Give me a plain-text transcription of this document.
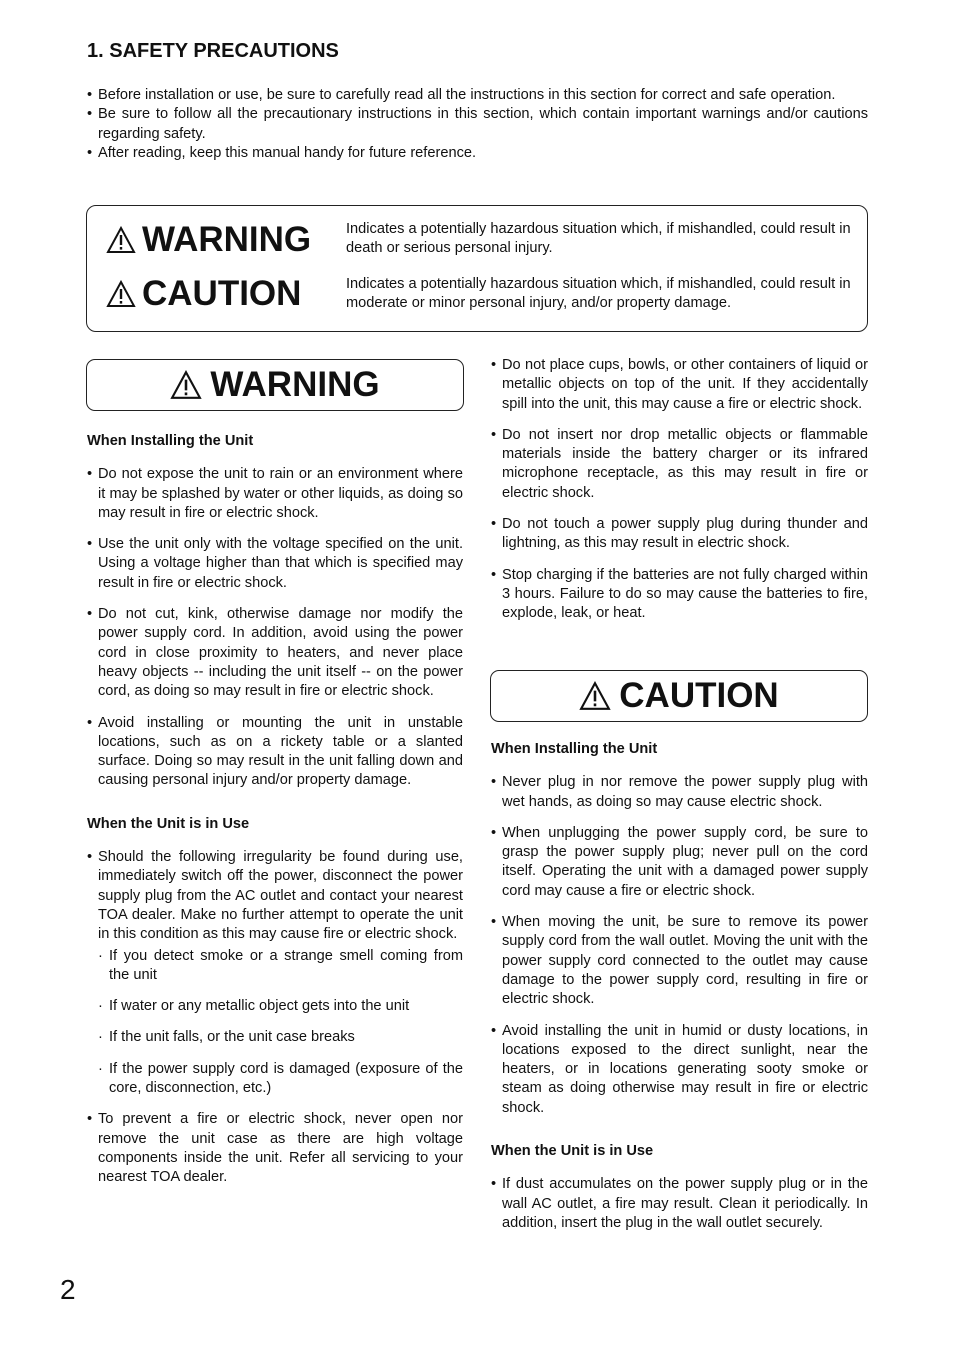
1. SAFETY PRECAUTIONS
• Before installation or use, be sure to carefully read all the instructions in this section for correct and safe operation.
• Be sure to follow all the precautionary instructions in this section, which contain important warnings and/or cautions regarding safety.
• After reading, keep this manual handy for future reference.
WARNING Indicates a potentially hazardous situation which, if mishandled, could result in death or serious personal injury.
CAUTION	Indicates a potentially hazardous situation which, if mishandled, could result in moderate or minor personal injury, and/or property damage.
WARNING
When Installing the Unit
• Do not expose the unit to rain or an environment where it may be splashed by water or other liquids, as doing so may result in fire or electric shock.
• Use the unit only with the voltage specified on the unit. Using a voltage higher than that which is specified may result in fire or electric shock.
• Do not cut, kink, otherwise damage nor modify the power supply cord. In addition, avoid using the power cord in close proximity to heaters, and never place heavy objects -- including the unit itself -- on the power cord, as doing so may result in fire or electric shock.
• Avoid installing or mounting the unit in unstable locations, such as on a rickety table or a slanted surface. Doing so may result in the unit falling down and causing personal injury and/or property damage.
When the Unit is in Use
• Should the following irregularity be found during use, immediately switch off the power, disconnect the power supply plug from the AC outlet and contact your nearest TOA dealer. Make no further attempt to operate the unit in this condition as this may cause fire or electric shock.
· If you detect smoke or a strange smell coming from the unit
· If water or any metallic object gets into the unit
· If the unit falls, or the unit case breaks
· If the power supply cord is damaged (exposure of the core, disconnection, etc.)
• To prevent a fire or electric shock, never open nor remove the unit case as there are high voltage components inside the unit. Refer all servicing to your nearest TOA dealer.
• Do not place cups, bowls, or other containers of liquid or metallic objects on top of the unit. If they accidentally spill into the unit, this may cause a fire or electric shock.
• Do not insert nor drop metallic objects or flammable materials inside the battery charger or its infrared microphone receptacle, as this may result in fire or electric shock.
• Do not touch a power supply plug during thunder and lightning, as this may result in electric shock.
• Stop charging if the batteries are not fully charged within 3 hours. Failure to do so may cause the batteries to fire, explode, leak, or heat.
CAUTION
When Installing the Unit
• Never plug in nor remove the power supply plug with wet hands, as doing so may cause electric shock.
• When unplugging the power supply cord, be sure to grasp the power supply plug; never pull on the cord itself. Operating the unit with a damaged power supply cord may cause a fire or electric shock.
• When moving the unit, be sure to remove its power supply cord from the wall outlet. Moving the unit with the power supply cord connected to the outlet may cause damage to the power supply cord, resulting in fire or electric shock.
• Avoid installing the unit in humid or dusty locations, in locations exposed to the direct sunlight, near the heaters, or in locations generating sooty smoke or steam as doing otherwise may result in fire or electric shock.
When the Unit is in Use
• If dust accumulates on the power supply plug or in the wall AC outlet, a fire may result. Clean it periodically. In addition, insert the plug in the wall outlet securely.
2
